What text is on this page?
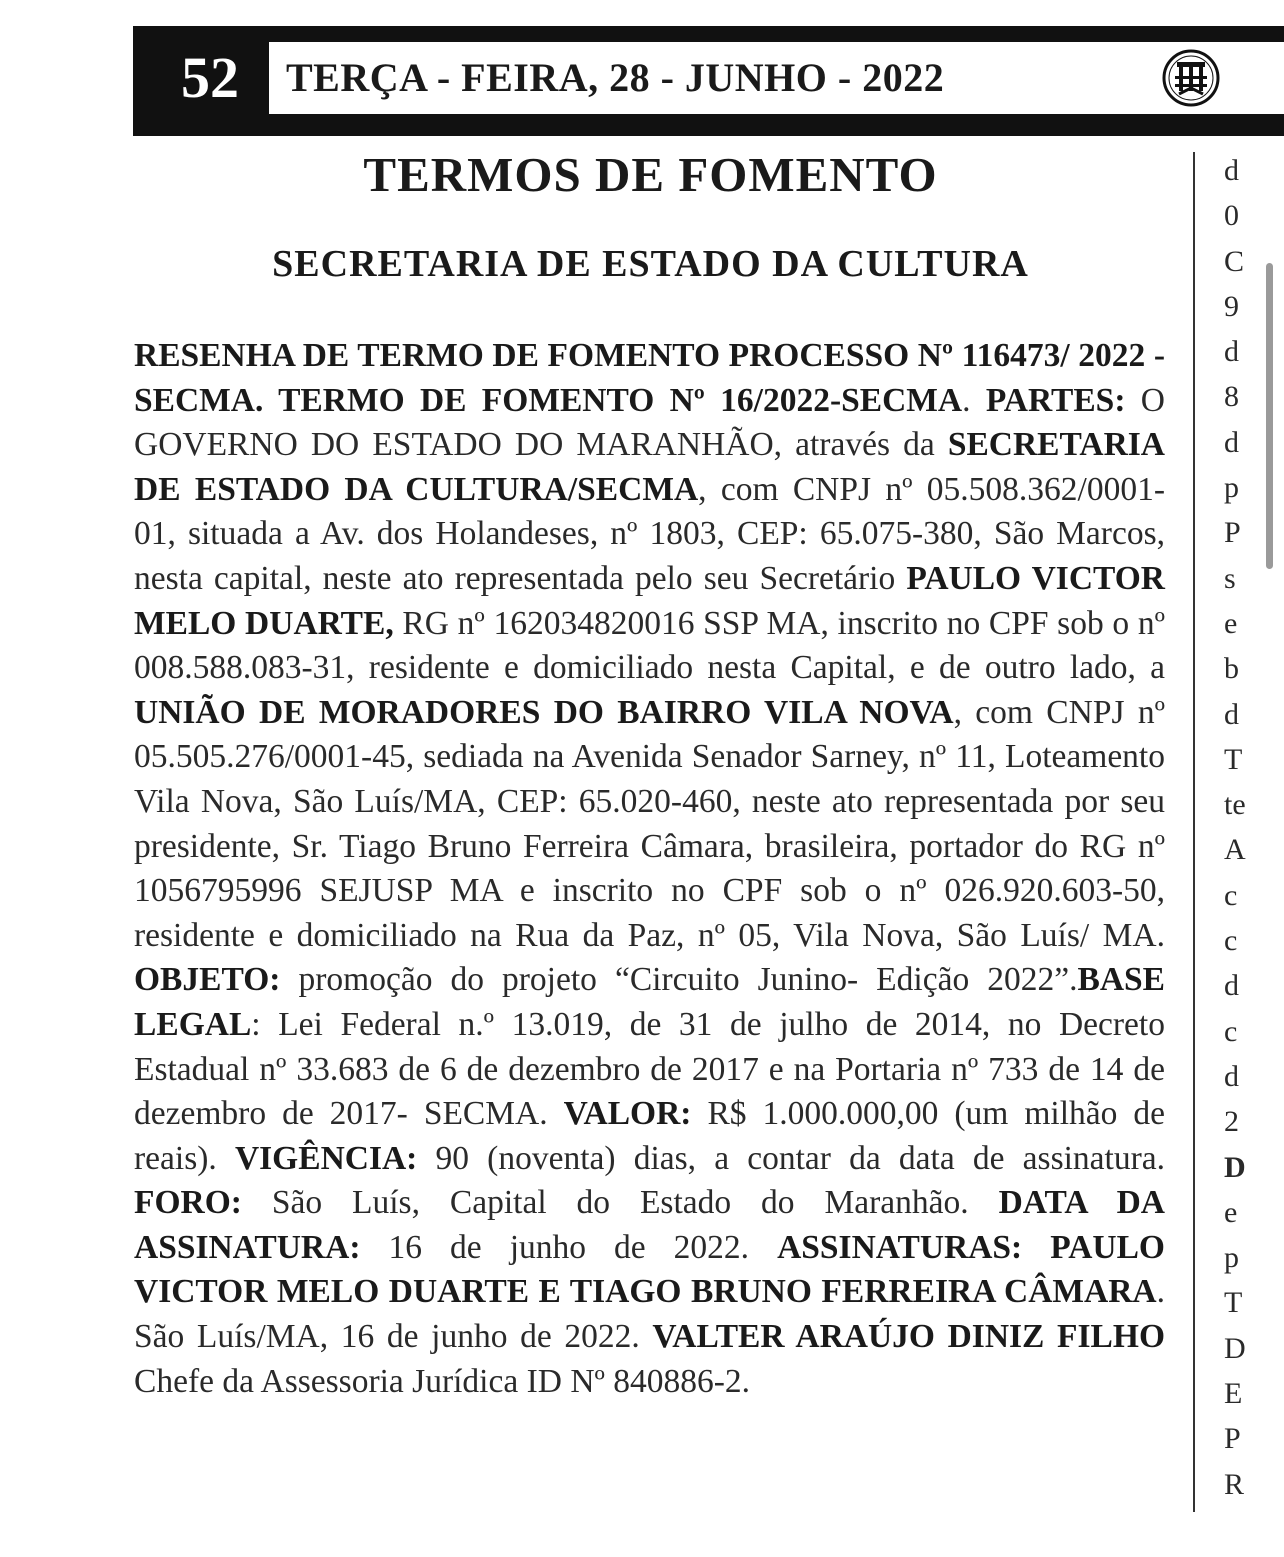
52	TERÇA - FEIRA, 28 - JUNHO - 2022
TERMOS DE FOMENTO
SECRETARIA DE ESTADO DA CULTURA
RESENHA DE TERMO DE FOMENTO PROCESSO Nº 116473/ 2022 - SECMA. TERMO DE FOMENTO Nº 16/2022-SECMA. PARTES: O GOVERNO DO ESTADO DO MARANHÃO, através da SECRETARIA DE ESTADO DA CULTURA/SECMA, com CNPJ nº 05.508.362/0001-01, situada a Av. dos Holandeses, nº 1803, CEP: 65.075-380, São Marcos, nesta capital, neste ato representada pelo seu Secretário PAULO VICTOR MELO DUARTE, RG nº 162034820016 SSP MA, inscrito no CPF sob o nº 008.588.083-31, residente e domiciliado nesta Capital, e de outro lado, a UNIÃO DE MORADORES DO BAIRRO VILA NOVA, com CNPJ nº 05.505.276/0001-45, sediada na Avenida Senador Sarney, nº 11, Loteamento Vila Nova, São Luís/MA, CEP: 65.020-460, neste ato representada por seu presidente, Sr. Tiago Bruno Ferreira Câmara, brasileira, portador do RG nº 1056795996 SEJUSP MA e inscrito no CPF sob o nº 026.920.603-50, residente e domiciliado na Rua da Paz, nº 05, Vila Nova, São Luís/ MA. OBJETO: promoção do projeto “Circuito Junino- Edição 2022”.BASE LEGAL: Lei Federal n.º 13.019, de 31 de julho de 2014, no Decreto Estadual nº 33.683 de 6 de dezembro de 2017 e na Portaria nº 733 de 14 de dezembro de 2017- SECMA. VALOR: R$ 1.000.000,00 (um milhão de reais). VIGÊNCIA: 90 (noventa) dias, a contar da data de assinatura. FORO: São Luís, Capital do Estado do Maranhão. DATA DA ASSINATURA: 16 de junho de 2022. ASSINATURAS: PAULO VICTOR MELO DUARTE E TIAGO BRUNO FERREIRA CÂMARA. São Luís/MA, 16 de junho de 2022. VALTER ARAÚJO DINIZ FILHO Chefe da Assessoria Jurídica ID Nº 840886-2.
d
0
C
9
d
8
d
p
P
s
e
b
d
T
te
A
c
c
d
c
d
2
D
e
p
T
D
E
P
R
